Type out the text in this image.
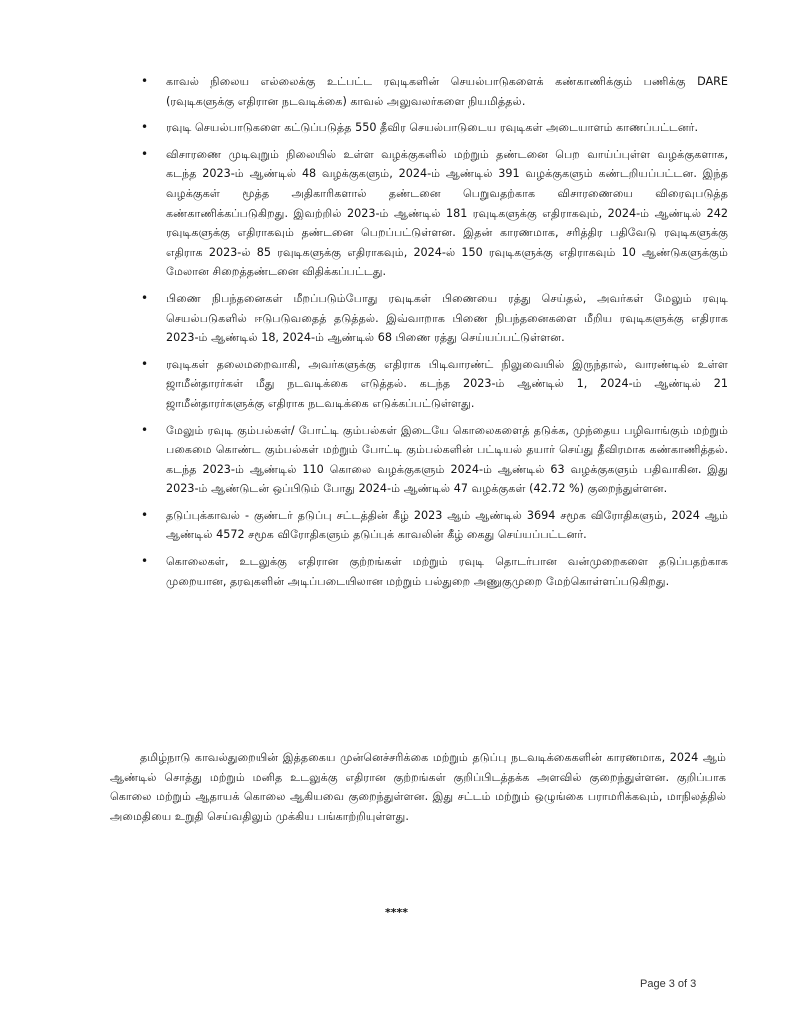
• காவல் நிலைய எல்லைக்கு உட்பட்ட ரவுடிகளின் செயல்பாடுகளைக் கண்காணிக்கும் பணிக்கு DARE (ரவுடிகளுக்கு எதிரான நடவடிக்கை) காவல் அலுவலர்களை நியமித்தல்.
• ரவுடி செயல்பாடுகளை கட்டுப்படுத்த 550 தீவிர செயல்பாடுடைய ரவுடிகள் அடையாளம் காணப்பட்டனர்.
• விசாரணை முடிவுறும் நிலையில் உள்ள வழக்குகளில் மற்றும் தண்டனை பெற வாய்ப்புள்ள வழக்குகளாக, கடந்த 2023-ம் ஆண்டில் 48 வழக்குகளும், 2024-ம் ஆண்டில் 391 வழக்குகளும் கண்டறியப்பட்டன. இந்த வழக்குகள் மூத்த அதிகாரிகளால் தண்டனை பெறுவதற்காக விசாரணையை விரைவுபடுத்த கண்காணிக்கப்படுகிறது. இவற்றில் 2023-ம் ஆண்டில் 181 ரவுடிகளுக்கு எதிராகவும், 2024-ம் ஆண்டில் 242 ரவுடிகளுக்கு எதிராகவும் தண்டனை பெறப்பட்டுள்ளன. இதன் காரணமாக, சரித்திர பதிவேடு ரவுடிகளுக்கு எதிராக 2023-ல் 85 ரவுடிகளுக்கு எதிராகவும், 2024-ல் 150 ரவுடிகளுக்கு எதிராகவும் 10 ஆண்டுகளுக்கும் மேலான சிறைத்தண்டனை விதிக்கப்பட்டது.
• பிணை நிபந்தனைகள் மீறப்படும்போது ரவுடிகள் பிணையை ரத்து செய்தல், அவர்கள் மேலும் ரவுடி செயல்படுகளில் ஈடுபடுவதைத் தடுத்தல். இவ்வாறாக பிணை நிபந்தனைகளை மீறிய ரவுடிகளுக்கு எதிராக 2023-ம் ஆண்டில் 18, 2024-ம் ஆண்டில் 68 பிணை ரத்து செய்யப்பட்டுள்ளன.
• ரவுடிகள் தலைமறைவாகி, அவர்களுக்கு எதிராக பிடிவாரண்ட் நிலுவையில் இருந்தால், வாரண்டில் உள்ள ஜாமீன்தாரர்கள் மீது நடவடிக்கை எடுத்தல். கடந்த 2023-ம் ஆண்டில் 1, 2024-ம் ஆண்டில் 21 ஜாமீன்தாரர்களுக்கு எதிராக நடவடிக்கை எடுக்கப்பட்டுள்ளது.
• மேலும் ரவுடி கும்பல்கள்/ போட்டி கும்பல்கள் இடையே கொலைகளைத் தடுக்க, முந்தைய பழிவாங்கும் மற்றும் பகைமை கொண்ட கும்பல்கள் மற்றும் போட்டி கும்பல்களின் பட்டியல் தயார் செய்து தீவிரமாக கண்காணித்தல். கடந்த 2023-ம் ஆண்டில் 110 கொலை வழக்குகளும் 2024-ம் ஆண்டில் 63 வழக்குகளும் பதிவாகின. இது 2023-ம் ஆண்டுடன் ஒப்பிடும் போது 2024-ம் ஆண்டில் 47 வழக்குகள் (42.72 %) குறைந்துள்ளன.
• தடுப்புக்காவல் - குண்டர் தடுப்பு சட்டத்தின் கீழ் 2023 ஆம் ஆண்டில் 3694 சமூக விரோதிகளும், 2024 ஆம் ஆண்டில் 4572 சமூக விரோதிகளும் தடுப்புக் காவலின் கீழ் கைது செய்யப்பட்டனர்.
• கொலைகள், உடலுக்கு எதிரான குற்றங்கள் மற்றும் ரவுடி தொடர்பான வன்முறைகளை தடுப்பதற்காக முறையான, தரவுகளின் அடிப்படையிலான மற்றும் பல்துறை அணுகுமுறை மேற்கொள்ளப்படுகிறது.

தமிழ்நாடு காவல்துறையின் இத்தகைய முன்னெச்சரிக்கை மற்றும் தடுப்பு நடவடிக்கைகளின் காரணமாக, 2024 ஆம் ஆண்டில் சொத்து மற்றும் மனித உடலுக்கு எதிரான குற்றங்கள் குறிப்பிடத்தக்க அளவில் குறைந்துள்ளன. குறிப்பாக கொலை மற்றும் ஆதாயக் கொலை ஆகியவை குறைந்துள்ளன. இது சட்டம் மற்றும் ஒழுங்கை பராமரிக்கவும், மாநிலத்தில் அமைதியை உறுதி செய்வதிலும் முக்கிய பங்காற்றியுள்ளது.

****
Page 3 of 3
